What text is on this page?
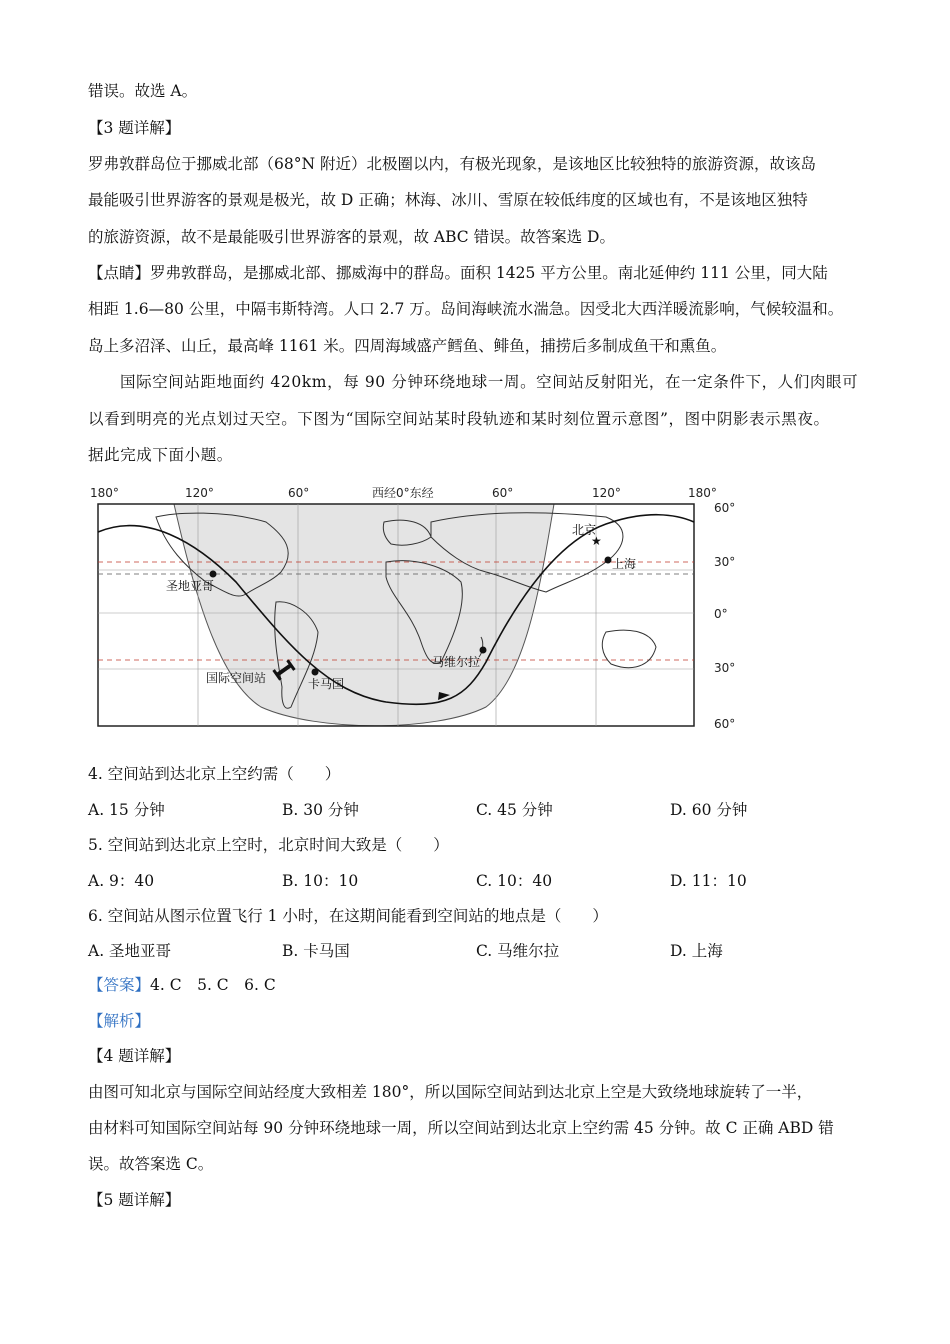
错误。故选 A。
【3 题详解】
罗弗敦群岛位于挪威北部（68°N 附近）北极圈以内，有极光现象，是该地区比较独特的旅游资源，故该岛
最能吸引世界游客的景观是极光，故 D 正确；林海、冰川、雪原在较低纬度的区域也有，不是该地区独特
的旅游资源，故不是最能吸引世界游客的景观，故 ABC 错误。故答案选 D。
【点睛】罗弗敦群岛，是挪威北部、挪威海中的群岛。面积 1425 平方公里。南北延伸约 111 公里，同大陆
相距 1.6—80 公里，中隔韦斯特湾。人口 2.7 万。岛间海峡流水湍急。因受北大西洋暖流影响，气候较温和。
岛上多沼泽、山丘，最高峰 1161 米。四周海域盛产鳕鱼、鲱鱼，捕捞后多制成鱼干和熏鱼。
国际空间站距地面约 420km，每 90 分钟环绕地球一周。空间站反射阳光，在一定条件下，人们肉眼可
以看到明亮的光点划过天空。下图为“国际空间站某时段轨迹和某时刻位置示意图”，图中阴影表示黑夜。
据此完成下面小题。
★
180°	120°	60°	西经0°东经	60°	120°	180°
60°
30°
0°
30°
60°
北京
上海
圣地亚哥
马维尔拉
卡马国
国际空间站
4. 空间站到达北京上空约需（　　）
A. 15 分钟	B. 30 分钟	C. 45 分钟	D. 60 分钟
5. 空间站到达北京上空时，北京时间大致是（　　）
A. 9：40	B. 10：10	C. 10：40	D. 11：10
6. 空间站从图示位置飞行 1 小时，在这期间能看到空间站的地点是（　　）
A. 圣地亚哥	B. 卡马国	C. 马维尔拉	D. 上海
【答案】4. C　5. C　6. C
【解析】
【4 题详解】
由图可知北京与国际空间站经度大致相差 180°，所以国际空间站到达北京上空是大致绕地球旋转了一半，
由材料可知国际空间站每 90 分钟环绕地球一周，所以空间站到达北京上空约需 45 分钟。故 C 正确 ABD 错
误。故答案选 C。
【5 题详解】
